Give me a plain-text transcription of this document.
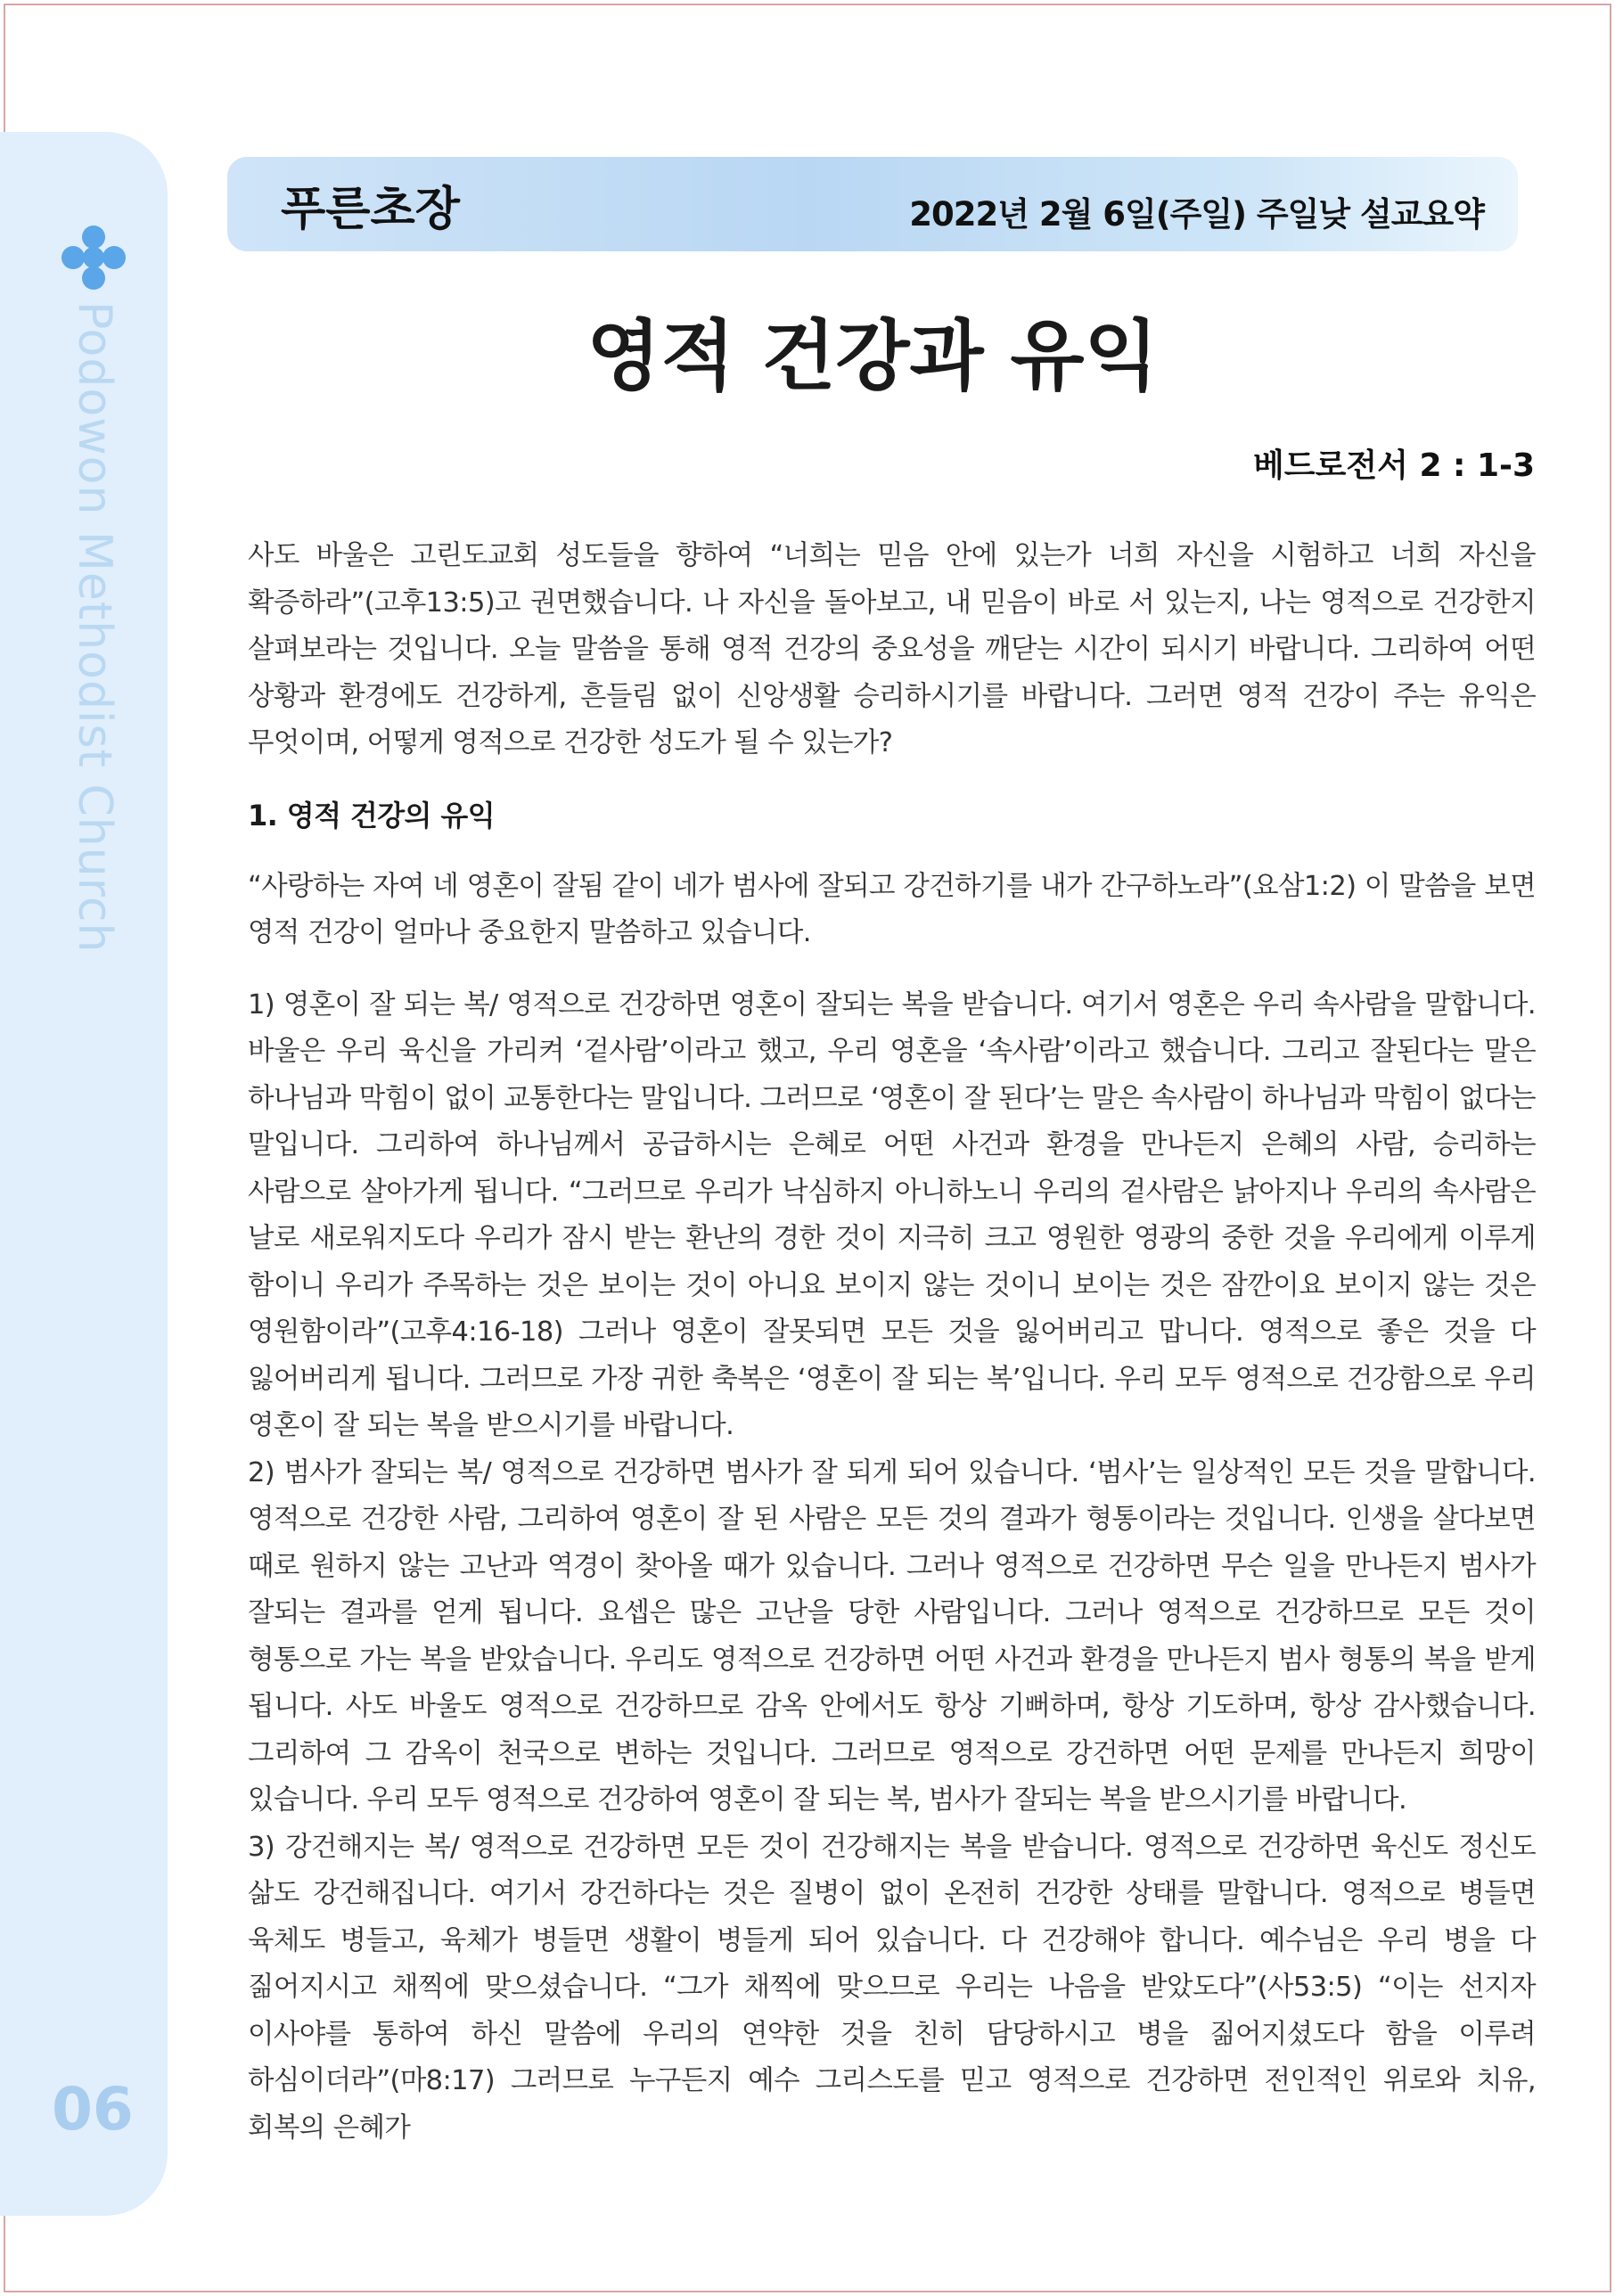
Podowon Methodist Church
06
푸른초장	2022년 2월 6일(주일) 주일낮 설교요약
영적 건강과 유익
베드로전서 2 : 1-3

사도 바울은 고린도교회 성도들을 향하여 “너희는 믿음 안에 있는가 너희 자신을 시험하고 너희 자신을 확증하라”(고후13:5)고 권면했습니다. 나 자신을 돌아보고, 내 믿음이 바로 서 있는지, 나는 영적으로 건강한지 살펴보라는 것입니다. 오늘 말씀을 통해 영적 건강의 중요성을 깨닫는 시간이 되시기 바랍니다. 그리하여 어떤 상황과 환경에도 건강하게, 흔들림 없이 신앙생활 승리하시기를 바랍니다. 그러면 영적 건강이 주는 유익은 무엇이며, 어떻게 영적으로 건강한 성도가 될 수 있는가?

1. 영적 건강의 유익

“사랑하는 자여 네 영혼이 잘됨 같이 네가 범사에 잘되고 강건하기를 내가 간구하노라”(요삼1:2) 이 말씀을 보면 영적 건강이 얼마나 중요한지 말씀하고 있습니다.

1) 영혼이 잘 되는 복/ 영적으로 건강하면 영혼이 잘되는 복을 받습니다. 여기서 영혼은 우리 속사람을 말합니다. 바울은 우리 육신을 가리켜 ‘겉사람’이라고 했고, 우리 영혼을 ‘속사람’이라고 했습니다. 그리고 잘된다는 말은 하나님과 막힘이 없이 교통한다는 말입니다. 그러므로 ‘영혼이 잘 된다’는 말은 속사람이 하나님과 막힘이 없다는 말입니다. 그리하여 하나님께서 공급하시는 은혜로 어떤 사건과 환경을 만나든지 은혜의 사람, 승리하는 사람으로 살아가게 됩니다. “그러므로 우리가 낙심하지 아니하노니 우리의 겉사람은 낡아지나 우리의 속사람은 날로 새로워지도다 우리가 잠시 받는 환난의 경한 것이 지극히 크고 영원한 영광의 중한 것을 우리에게 이루게 함이니 우리가 주목하는 것은 보이는 것이 아니요 보이지 않는 것이니 보이는 것은 잠깐이요 보이지 않는 것은 영원함이라”(고후4:16-18) 그러나 영혼이 잘못되면 모든 것을 잃어버리고 맙니다. 영적으로 좋은 것을 다 잃어버리게 됩니다. 그러므로 가장 귀한 축복은 ‘영혼이 잘 되는 복’입니다. 우리 모두 영적으로 건강함으로 우리 영혼이 잘 되는 복을 받으시기를 바랍니다.

2) 범사가 잘되는 복/ 영적으로 건강하면 범사가 잘 되게 되어 있습니다. ‘범사’는 일상적인 모든 것을 말합니다. 영적으로 건강한 사람, 그리하여 영혼이 잘 된 사람은 모든 것의 결과가 형통이라는 것입니다. 인생을 살다보면 때로 원하지 않는 고난과 역경이 찾아올 때가 있습니다. 그러나 영적으로 건강하면 무슨 일을 만나든지 범사가 잘되는 결과를 얻게 됩니다. 요셉은 많은 고난을 당한 사람입니다. 그러나 영적으로 건강하므로 모든 것이 형통으로 가는 복을 받았습니다. 우리도 영적으로 건강하면 어떤 사건과 환경을 만나든지 범사 형통의 복을 받게 됩니다. 사도 바울도 영적으로 건강하므로 감옥 안에서도 항상 기뻐하며, 항상 기도하며, 항상 감사했습니다. 그리하여 그 감옥이 천국으로 변하는 것입니다. 그러므로 영적으로 강건하면 어떤 문제를 만나든지 희망이 있습니다. 우리 모두 영적으로 건강하여 영혼이 잘 되는 복, 범사가 잘되는 복을 받으시기를 바랍니다.

3) 강건해지는 복/ 영적으로 건강하면 모든 것이 건강해지는 복을 받습니다. 영적으로 건강하면 육신도 정신도 삶도 강건해집니다. 여기서 강건하다는 것은 질병이 없이 온전히 건강한 상태를 말합니다. 영적으로 병들면 육체도 병들고, 육체가 병들면 생활이 병들게 되어 있습니다. 다 건강해야 합니다. 예수님은 우리 병을 다 짊어지시고 채찍에 맞으셨습니다. “그가 채찍에 맞으므로 우리는 나음을 받았도다”(사53:5) “이는 선지자 이사야를 통하여 하신 말씀에 우리의 연약한 것을 친히 담당하시고 병을 짊어지셨도다 함을 이루려 하심이더라”(마8:17) 그러므로 누구든지 예수 그리스도를 믿고 영적으로 건강하면 전인적인 위로와 치유, 회복의 은혜가
